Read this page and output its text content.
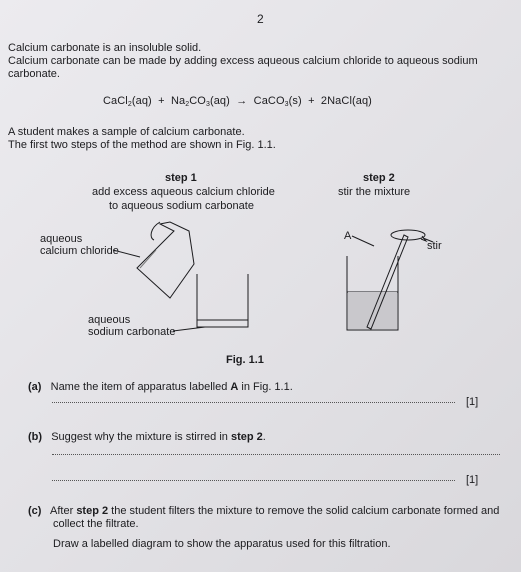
2
Calcium carbonate is an insoluble solid.
Calcium carbonate can be made by adding excess aqueous calcium chloride to aqueous sodium
carbonate.
CaCl$_2$(aq) + $Na_2CO_3(aq)$ → CaCO$_3$(s) + 2NaCl(aq)
A student makes a sample of calcium carbonate.
The first two steps of the method are shown in Fig. 1.1.
step 1
add excess aqueous calcium chloride
to aqueous sodium carbonate
step 2
stir the mixture
aqueous
calcium chloride
aqueous
sodium carbonate
A
stir
Fig. 1.1
(a) Name the item of apparatus labelled A in Fig. 1.1.
[1]
(b) Suggest why the mixture is stirred in step 2.
[1]
(c) After step 2 the student filters the mixture to remove the solid calcium carbonate formed and
collect the filtrate.
Draw a labelled diagram to show the apparatus used for this filtration.
